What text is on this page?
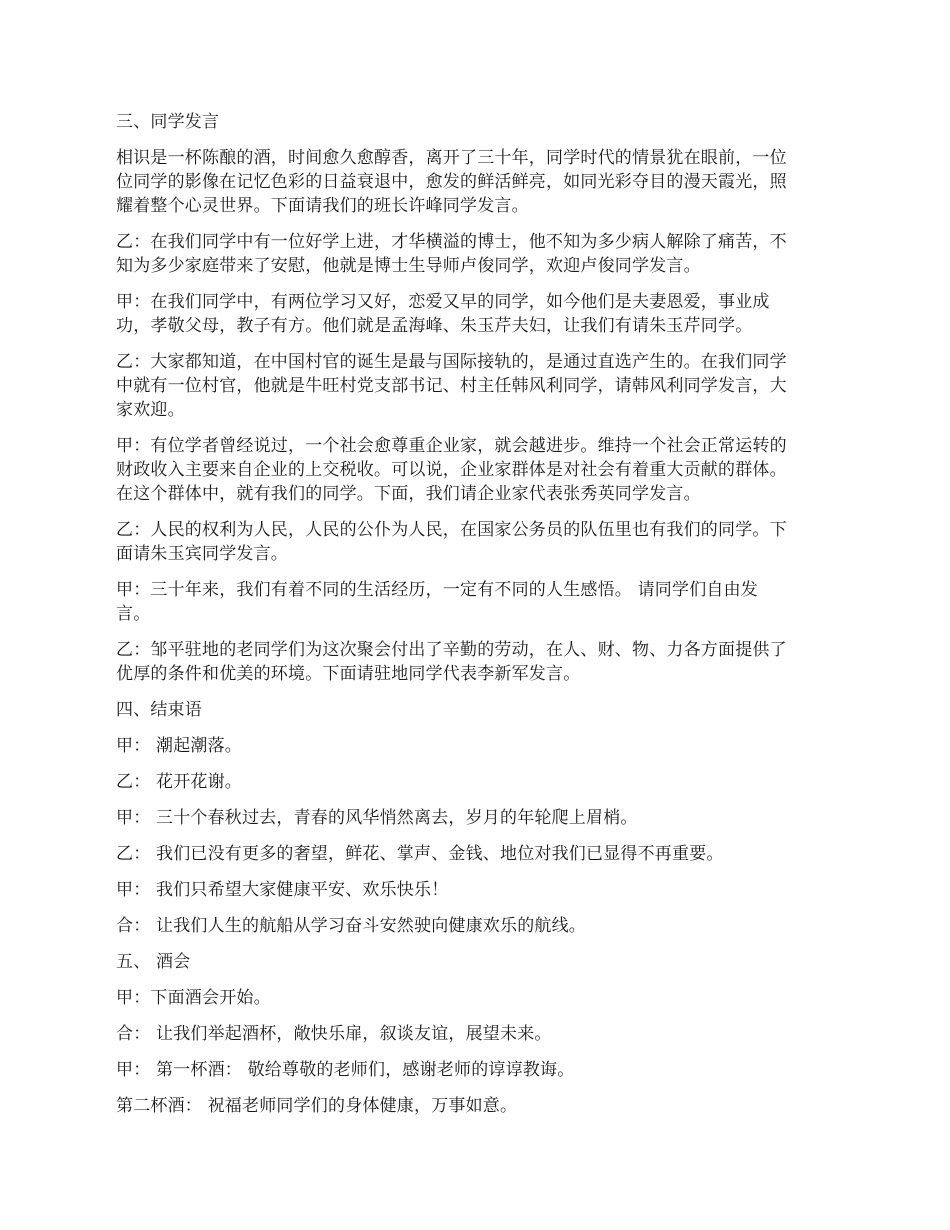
三、同学发言

相识是一杯陈酿的酒，时间愈久愈醇香，离开了三十年，同学时代的情景犹在眼前，一位

位同学的影像在记忆色彩的日益衰退中，愈发的鲜活鲜亮，如同光彩夺目的漫天霞光，照

耀着整个心灵世界。下面请我们的班长许峰同学发言。

乙：在我们同学中有一位好学上进，才华横溢的博士，他不知为多少病人解除了痛苦，不

知为多少家庭带来了安慰，他就是博士生导师卢俊同学，欢迎卢俊同学发言。

甲：在我们同学中，有两位学习又好，恋爱又早的同学，如今他们是夫妻恩爱，事业成

功，孝敬父母，教子有方。他们就是孟海峰、朱玉芹夫妇，让我们有请朱玉芹同学。

乙：大家都知道，在中国村官的诞生是最与国际接轨的，是通过直选产生的。在我们同学

中就有一位村官，他就是牛旺村党支部书记、村主任韩风利同学，请韩风利同学发言，大

家欢迎。

甲：有位学者曾经说过，一个社会愈尊重企业家，就会越进步。维持一个社会正常运转的

财政收入主要来自企业的上交税收。可以说，企业家群体是对社会有着重大贡献的群体。

在这个群体中，就有我们的同学。下面，我们请企业家代表张秀英同学发言。

乙：人民的权利为人民，人民的公仆为人民，在国家公务员的队伍里也有我们的同学。下

面请朱玉宾同学发言。

甲：三十年来，我们有着不同的生活经历，一定有不同的人生感悟。 请同学们自由发

言。

乙：邹平驻地的老同学们为这次聚会付出了辛勤的劳动，在人、财、物、力各方面提供了

优厚的条件和优美的环境。下面请驻地同学代表李新军发言。

四、结束语

甲： 潮起潮落。

乙： 花开花谢。

甲： 三十个春秋过去，青春的风华悄然离去，岁月的年轮爬上眉梢。

乙： 我们已没有更多的奢望，鲜花、掌声、金钱、地位对我们已显得不再重要。

甲： 我们只希望大家健康平安、欢乐快乐！

合： 让我们人生的航船从学习奋斗安然驶向健康欢乐的航线。

五、 酒会

甲：下面酒会开始。

合： 让我们举起酒杯，敞快乐扉，叙谈友谊，展望未来。

甲： 第一杯酒： 敬给尊敬的老师们，感谢老师的谆谆教诲。

第二杯酒： 祝福老师同学们的身体健康，万事如意。
